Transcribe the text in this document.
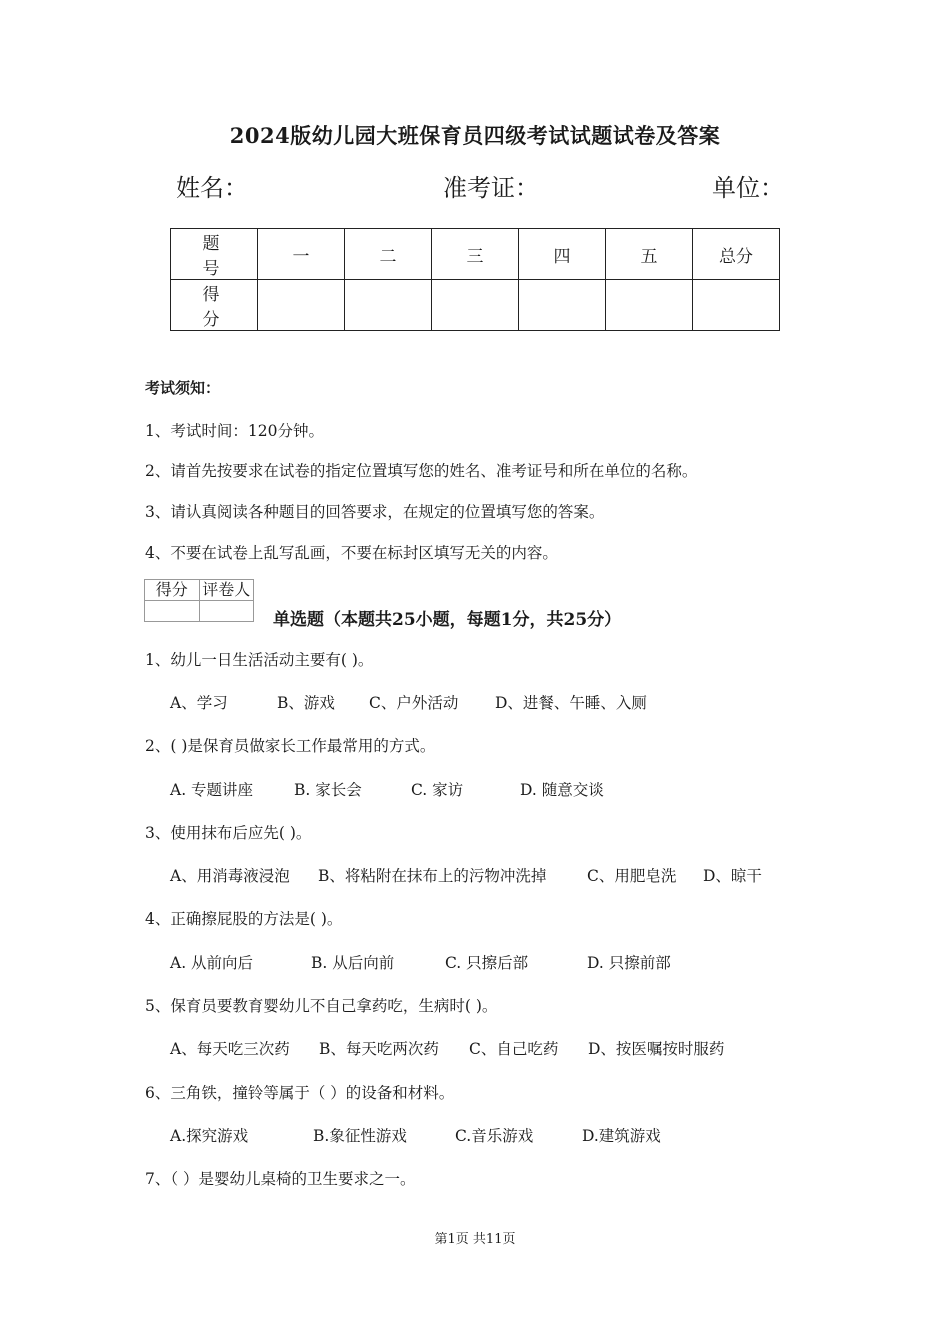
2024版幼儿园大班保育员四级考试试题试卷及答案
姓名：	准考证：	单位：
题 号	一	二	三	四	五	总分
得 分						
考试须知：
1、考试时间：120分钟。
2、请首先按要求在试卷的指定位置填写您的姓名、准考证号和所在单位的名称。
3、请认真阅读各种题目的回答要求，在规定的位置填写您的答案。
4、不要在试卷上乱写乱画，不要在标封区填写无关的内容。
得分	评卷人

单选题（本题共25小题，每题1分，共25分）
1、幼儿一日生活活动主要有( )。
A、学习	B、游戏 C、户外活动 D、进餐、午睡、入厕
2、( )是保育员做家长工作最常用的方式。
A. 专题讲座	B. 家长会	C. 家访	D. 随意交谈
3、使用抹布后应先( )。
A、用消毒液浸泡 B、将粘附在抹布上的污物冲洗掉	C、用肥皂洗 D、晾干
4、正确擦屁股的方法是( )。
A. 从前向后	B. 从后向前	C. 只擦后部	D. 只擦前部
5、保育员要教育婴幼儿不自己拿药吃，生病时( )。
A、每天吃三次药 B、每天吃两次药 C、自己吃药 D、按医嘱按时服药
6、三角铁，撞铃等属于（ ）的设备和材料。
A.探究游戏	B.象征性游戏	C.音乐游戏	D.建筑游戏
7、（ ）是婴幼儿桌椅的卫生要求之一。
第1页 共11页
